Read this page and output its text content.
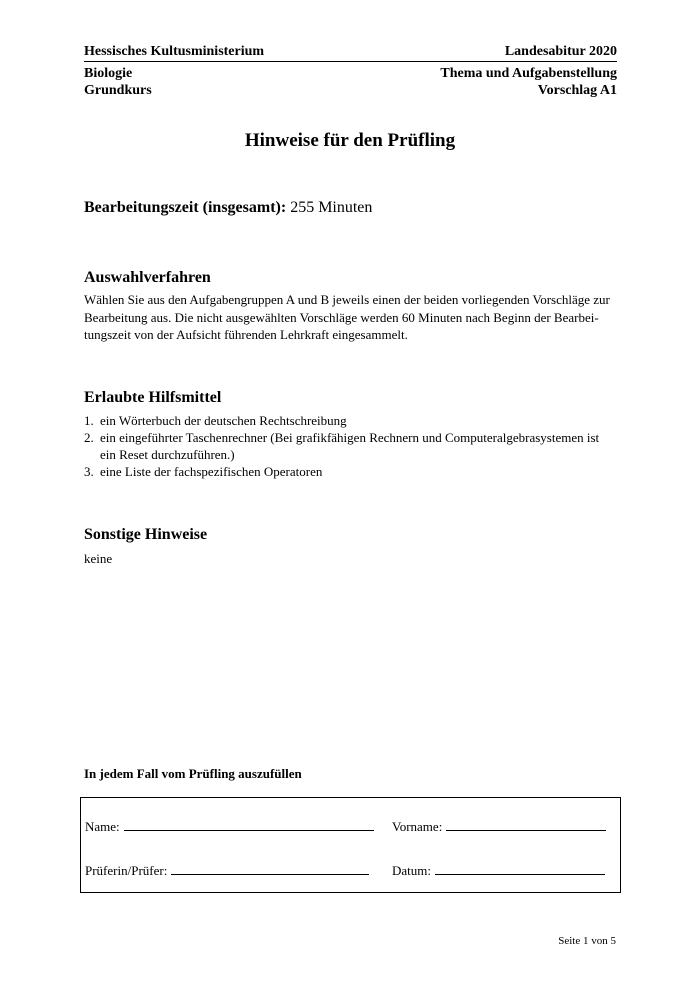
Hessisches Kultusministerium	Landesabitur 2020
Biologie	Thema und Aufgabenstellung
Grundkurs	Vorschlag A1
Hinweise für den Prüfling
Bearbeitungszeit (insgesamt): 255 Minuten
Auswahlverfahren
Wählen Sie aus den Aufgabengruppen A und B jeweils einen der beiden vorliegenden Vorschläge zur
Bearbeitung aus. Die nicht ausgewählten Vorschläge werden 60 Minuten nach Beginn der Bearbei-
tungszeit von der Aufsicht führenden Lehrkraft eingesammelt.
Erlaubte Hilfsmittel
1. ein Wörterbuch der deutschen Rechtschreibung
2. ein eingeführter Taschenrechner (Bei grafikfähigen Rechnern und Computeralgebrasystemen ist ein Reset durchzuführen.)
3. eine Liste der fachspezifischen Operatoren
Sonstige Hinweise
keine
In jedem Fall vom Prüfling auszufüllen
Name:	Vorname:
Prüferin/Prüfer:	Datum:
Seite 1 von 5
